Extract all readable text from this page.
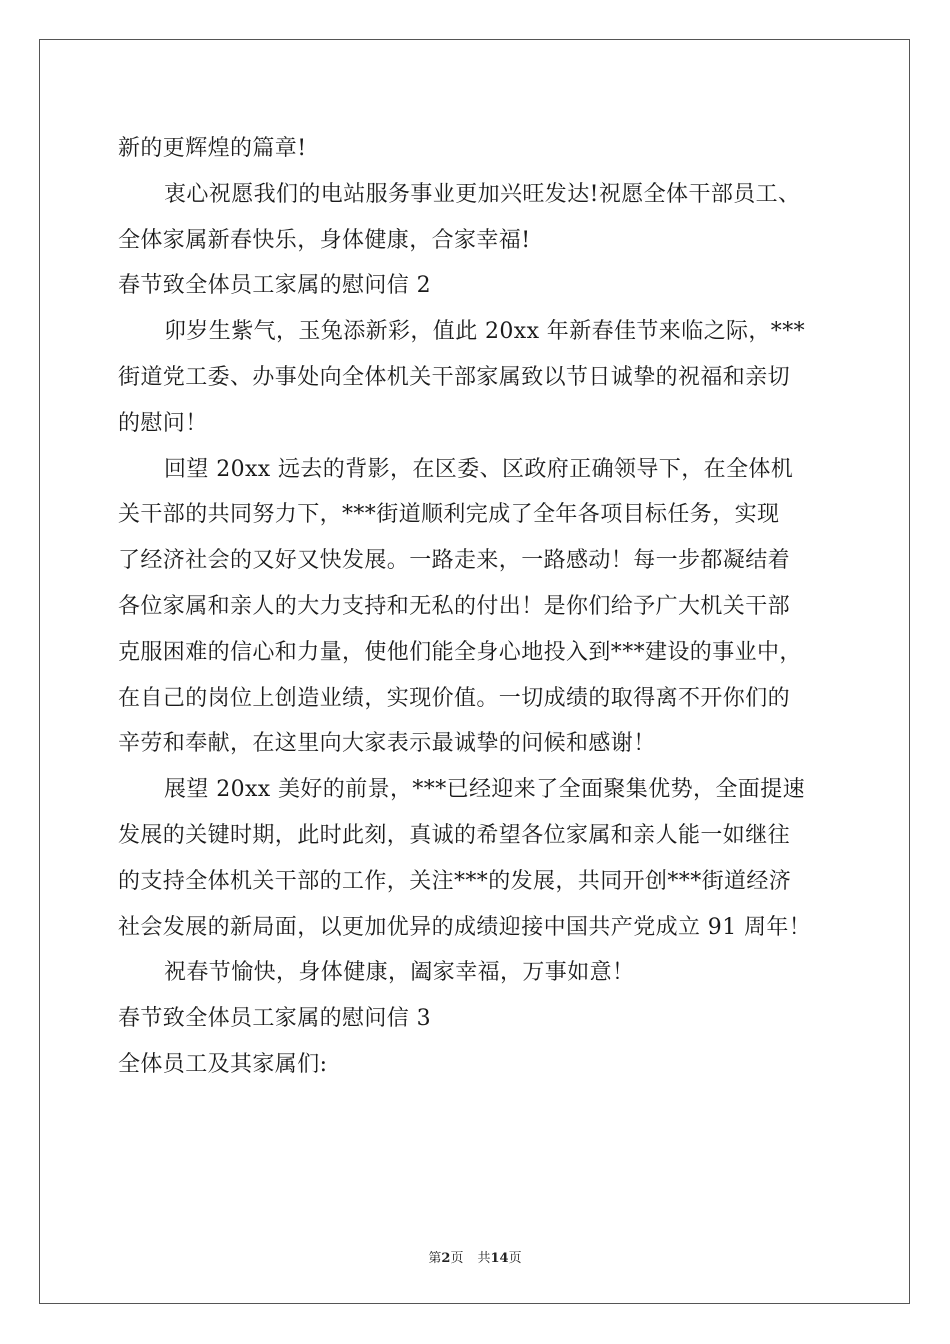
新的更辉煌的篇章!
衷心祝愿我们的电站服务事业更加兴旺发达!祝愿全体干部员工、
全体家属新春快乐，身体健康，合家幸福!
春节致全体员工家属的慰问信 2
卯岁生紫气，玉兔添新彩，值此 20xx 年新春佳节来临之际，***
街道党工委、办事处向全体机关干部家属致以节日诚挚的祝福和亲切
的慰问！
回望 20xx 远去的背影，在区委、区政府正确领导下，在全体机
关干部的共同努力下，***街道顺利完成了全年各项目标任务，实现
了经济社会的又好又快发展。一路走来，一路感动！每一步都凝结着
各位家属和亲人的大力支持和无私的付出！是你们给予广大机关干部
克服困难的信心和力量，使他们能全身心地投入到***建设的事业中，
在自己的岗位上创造业绩，实现价值。一切成绩的取得离不开你们的
辛劳和奉献，在这里向大家表示最诚挚的问候和感谢！
展望 20xx 美好的前景，***已经迎来了全面聚集优势，全面提速
发展的关键时期，此时此刻，真诚的希望各位家属和亲人能一如继往
的支持全体机关干部的工作，关注***的发展，共同开创***街道经济
社会发展的新局面，以更加优异的成绩迎接中国共产党成立 91 周年！
祝春节愉快，身体健康，阖家幸福，万事如意！
春节致全体员工家属的慰问信 3
全体员工及其家属们:
第2页 共14页
